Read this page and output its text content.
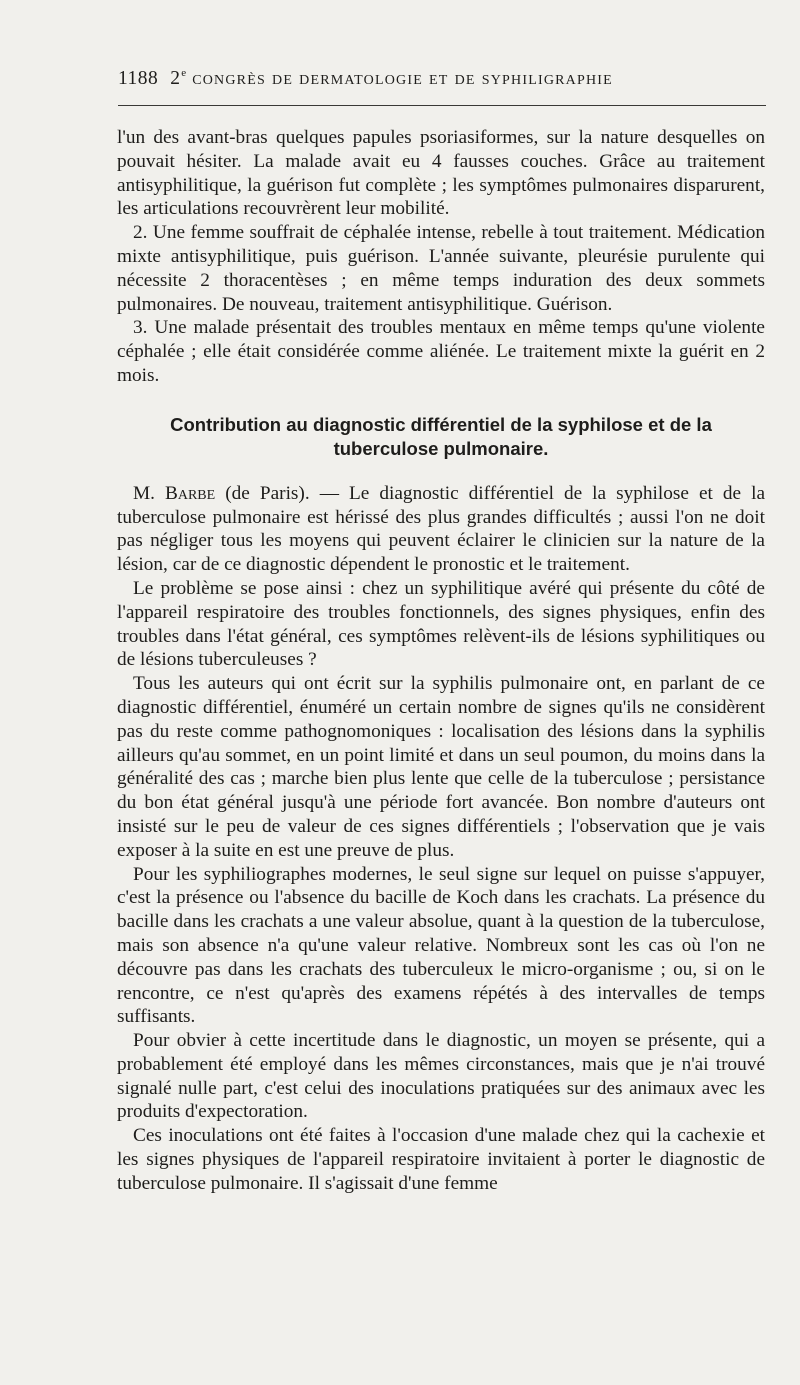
1188 2e congrès de dermatologie et de syphiligraphie

l'un des avant-bras quelques papules psoriasiformes, sur la nature desquelles on pouvait hésiter. La malade avait eu 4 fausses couches. Grâce au traitement antisyphilitique, la guérison fut complète ; les symptômes pulmonaires disparurent, les articulations recouvrèrent leur mobilité.

2. Une femme souffrait de céphalée intense, rebelle à tout traitement. Médication mixte antisyphilitique, puis guérison. L'année suivante, pleurésie purulente qui nécessite 2 thoracentèses ; en même temps induration des deux sommets pulmonaires. De nouveau, traitement antisyphilitique. Guérison.

3. Une malade présentait des troubles mentaux en même temps qu'une violente céphalée ; elle était considérée comme aliénée. Le traitement mixte la guérit en 2 mois.

Contribution au diagnostic différentiel de la syphilose et de la tuberculose pulmonaire.

M. Barbe (de Paris). — Le diagnostic différentiel de la syphilose et de la tuberculose pulmonaire est hérissé des plus grandes difficultés ; aussi l'on ne doit pas négliger tous les moyens qui peuvent éclairer le clinicien sur la nature de la lésion, car de ce diagnostic dépendent le pronostic et le traitement.

Le problème se pose ainsi : chez un syphilitique avéré qui présente du côté de l'appareil respiratoire des troubles fonctionnels, des signes physiques, enfin des troubles dans l'état général, ces symptômes relèvent-ils de lésions syphilitiques ou de lésions tuberculeuses ?

Tous les auteurs qui ont écrit sur la syphilis pulmonaire ont, en parlant de ce diagnostic différentiel, énuméré un certain nombre de signes qu'ils ne considèrent pas du reste comme pathognomoniques : localisation des lésions dans la syphilis ailleurs qu'au sommet, en un point limité et dans un seul poumon, du moins dans la généralité des cas ; marche bien plus lente que celle de la tuberculose ; persistance du bon état général jusqu'à une période fort avancée. Bon nombre d'auteurs ont insisté sur le peu de valeur de ces signes différentiels ; l'observation que je vais exposer à la suite en est une preuve de plus.

Pour les syphiliographes modernes, le seul signe sur lequel on puisse s'appuyer, c'est la présence ou l'absence du bacille de Koch dans les crachats. La présence du bacille dans les crachats a une valeur absolue, quant à la question de la tuberculose, mais son absence n'a qu'une valeur relative. Nombreux sont les cas où l'on ne découvre pas dans les crachats des tuberculeux le micro-organisme ; ou, si on le rencontre, ce n'est qu'après des examens répétés à des intervalles de temps suffisants.

Pour obvier à cette incertitude dans le diagnostic, un moyen se présente, qui a probablement été employé dans les mêmes circonstances, mais que je n'ai trouvé signalé nulle part, c'est celui des inoculations pratiquées sur des animaux avec les produits d'expectoration.

Ces inoculations ont été faites à l'occasion d'une malade chez qui la cachexie et les signes physiques de l'appareil respiratoire invitaient à porter le diagnostic de tuberculose pulmonaire. Il s'agissait d'une femme
